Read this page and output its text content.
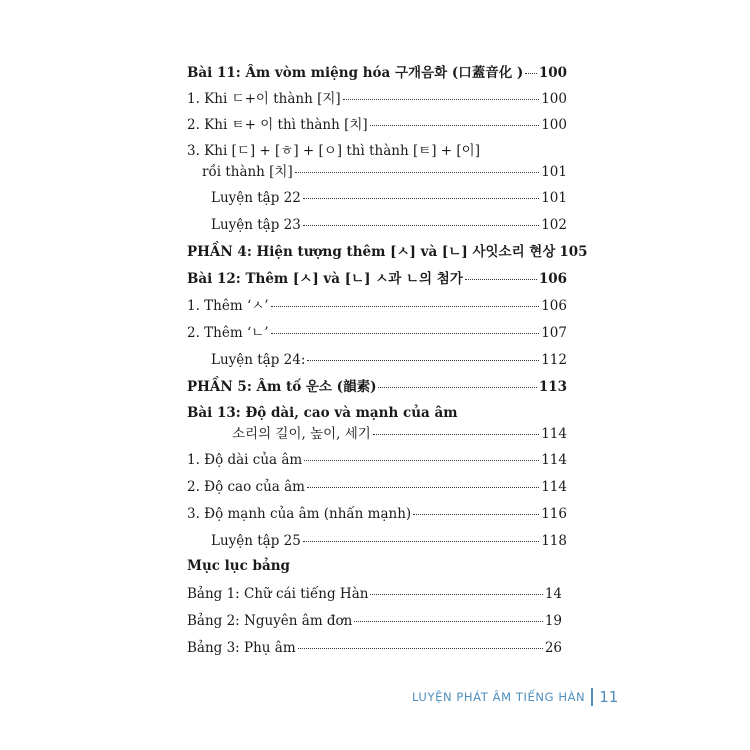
Bài 11: Âm vòm miệng hóa 구개음화 (口蓋音化 ) 100
1. Khi ㄷ+이 thành [지]	100
2. Khi ㅌ+ 이 thì thành [치]	100
3. Khi [ㄷ] + [ㅎ] + [ㅇ] thì thành [ㅌ] + [이]
rồi thành [치]	101
Luyện tập 22	101
Luyện tập 23	102
PHẦN 4: Hiện tượng thêm [ㅅ] và [ㄴ] 사잇소리 현상 105
Bài 12: Thêm [ㅅ] và [ㄴ] ㅅ과 ㄴ의 첨가	106
1. Thêm ‘ㅅ’	106
2. Thêm ‘ㄴ’	107
Luyện tập 24:	112
PHẦN 5: Âm tố 운소 (韻素)	113
Bài 13: Độ dài, cao và mạnh của âm
소리의 길이, 높이, 세기	114
1. Độ dài của âm	114
2. Độ cao của âm	114
3. Độ mạnh của âm (nhấn mạnh)	116
Luyện tập 25	118
Mục lục bảng
Bảng 1: Chữ cái tiếng Hàn	14
Bảng 2: Nguyên âm đơn	19
Bảng 3: Phụ âm	26
LUYỆN PHÁT ÂM TIẾNG HÀN 11
